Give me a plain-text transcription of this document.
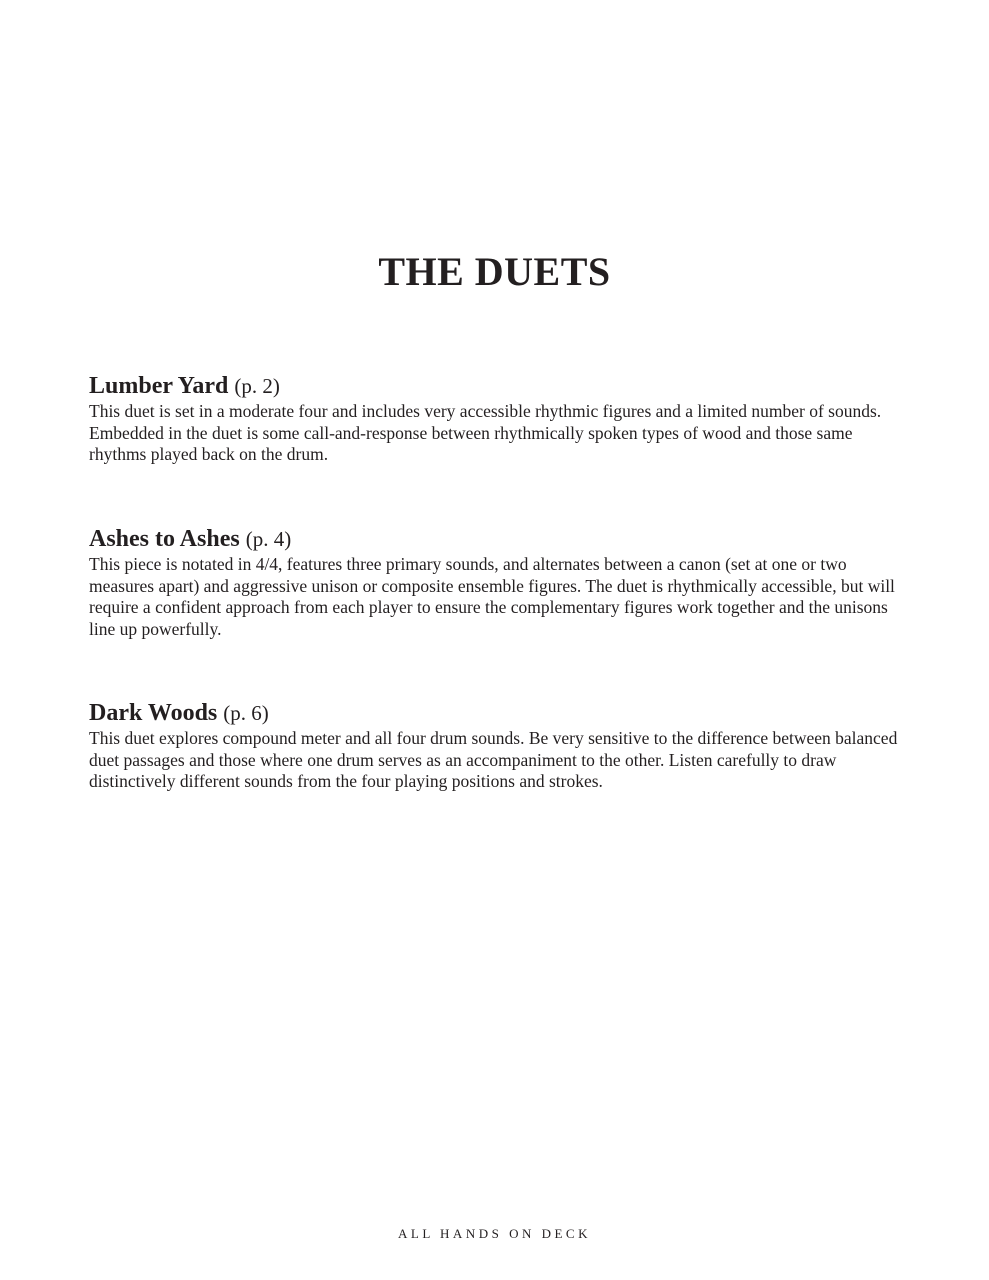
THE DUETS
Lumber Yard (p. 2)

This duet is set in a moderate four and includes very accessible rhythmic figures and a limited number of sounds. Embedded in the duet is some call-and-response between rhythmically spoken types of wood and those same rhythms played back on the drum.

Ashes to Ashes (p. 4)

This piece is notated in 4/4, features three primary sounds, and alternates between a canon (set at one or two measures apart) and aggressive unison or composite ensemble figures. The duet is rhythmically accessible, but will require a confident approach from each player to ensure the complementary figures work together and the unisons line up powerfully.

Dark Woods (p. 6)

This duet explores compound meter and all four drum sounds. Be very sensitive to the difference between balanced duet passages and those where one drum serves as an accompaniment to the other. Listen carefully to draw distinctively different sounds from the four playing positions and strokes.

ALL HANDS ON DECK
